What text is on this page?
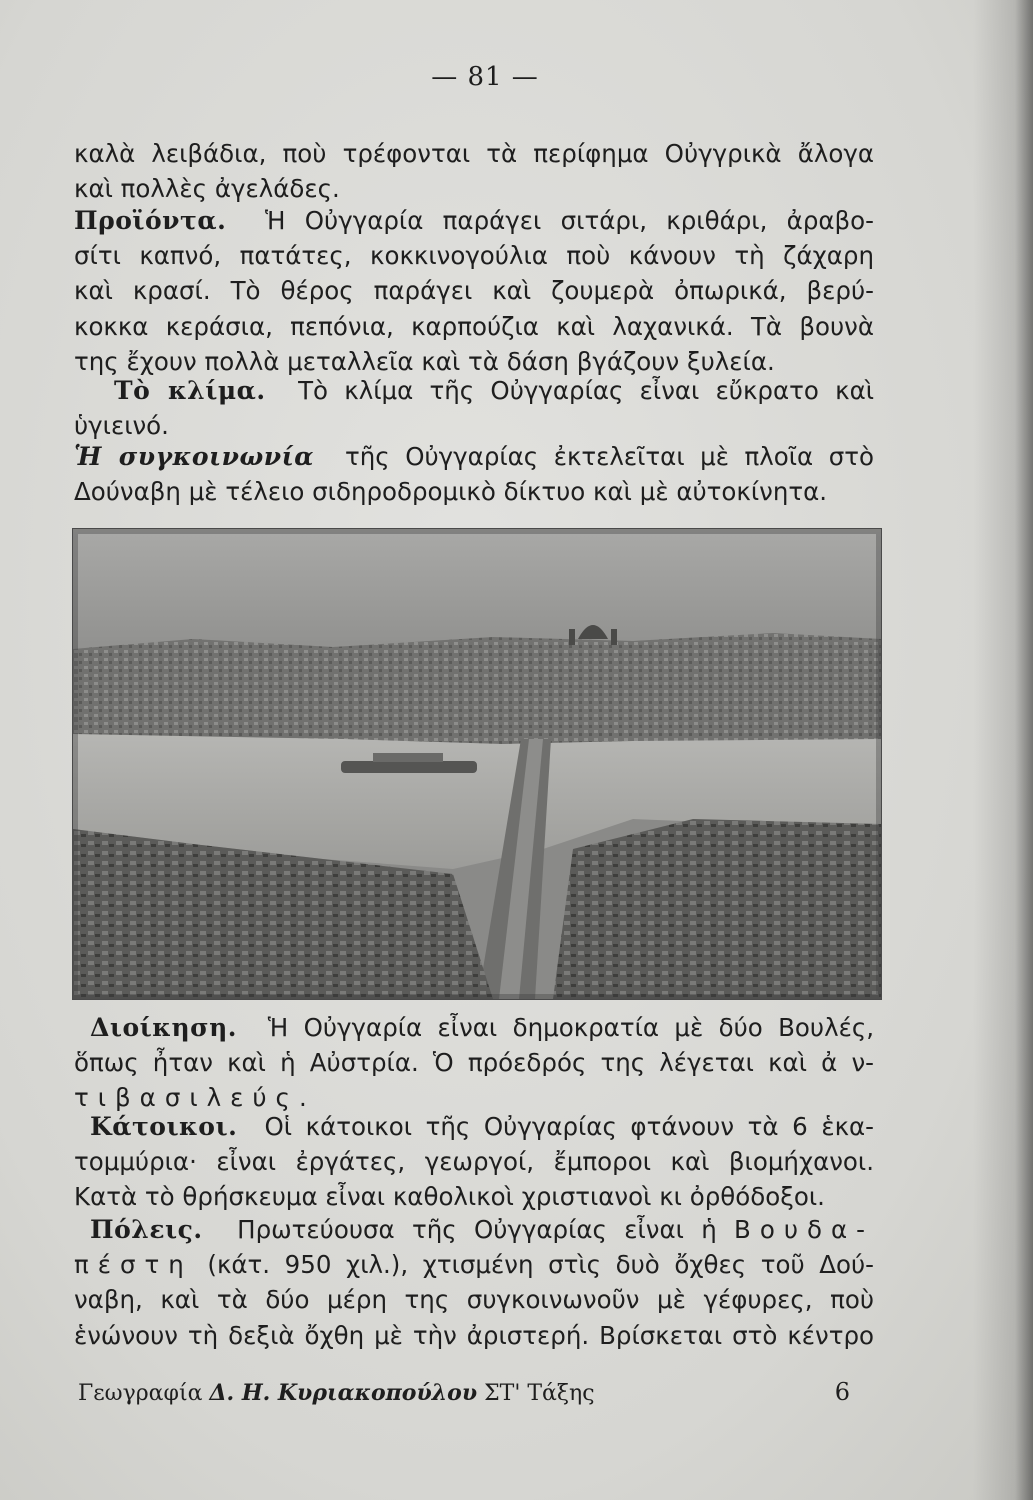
— 81 —
καλὰ λειβάδια, ποὺ τρέφονται τὰ περίφημα Οὐγγρικὰ ἄλογα
καὶ πολλὲς ἀγελάδες.
Προϊόντα. Ἡ Οὐγγαρία παράγει σιτάρι, κριθάρι, ἀραβο-
σίτι καπνό, πατάτες, κοκκινογούλια ποὺ κάνουν τὴ ζάχαρη
καὶ κρασί. Τὸ θέρος παράγει καὶ ζουμερὰ ὀπωρικά, βερύ-
κοκκα κεράσια, πεπόνια, καρπούζια καὶ λαχανικά. Τὰ βουνὰ
της ἔχουν πολλὰ μεταλλεῖα καὶ τὰ δάση βγάζουν ξυλεία.
Τὸ κλίμα. Τὸ κλίμα τῆς Οὐγγαρίας εἶναι εὔκρατο καὶ
ὑγιεινό.
Ἡ συγκοινωνία τῆς Οὐγγαρίας ἐκτελεῖται μὲ πλοῖα στὸ
Δούναβη μὲ τέλειο σιδηροδρομικὸ δίκτυο καὶ μὲ αὐτοκίνητα.
Διοίκηση. Ἡ Οὐγγαρία εἶναι δημοκρατία μὲ δύο Βουλές,
ὅπως ἦταν καὶ ἡ Αὐστρία. Ὁ πρόεδρός της λέγεται καὶ ἀ ν-
τιβασιλεύς.
Κάτοικοι. Οἱ κάτοικοι τῆς Οὐγγαρίας φτάνουν τὰ 6 ἑκα-
τομμύρια· εἶναι ἐργάτες, γεωργοί, ἔμποροι καὶ βιομήχανοι.
Κατὰ τὸ θρήσκευμα εἶναι καθολικοὶ χριστιανοὶ κι ὀρθόδοξοι.
Πόλεις. Πρωτεύουσα τῆς Οὐγγαρίας εἶναι ἡ Βουδα-
πέστη (κάτ. 950 χιλ.), χτισμένη στὶς δυὸ ὄχθες τοῦ Δού-
ναβη, καὶ τὰ δύο μέρη της συγκοινωνοῦν μὲ γέφυρες, ποὺ
ἑνώνουν τὴ δεξιὰ ὄχθη μὲ τὴν ἀριστερή. Βρίσκεται στὸ κέντρο
Γεωγραφία Δ. Η. Κυριακοπούλου ΣΤ' Τάξης	6
